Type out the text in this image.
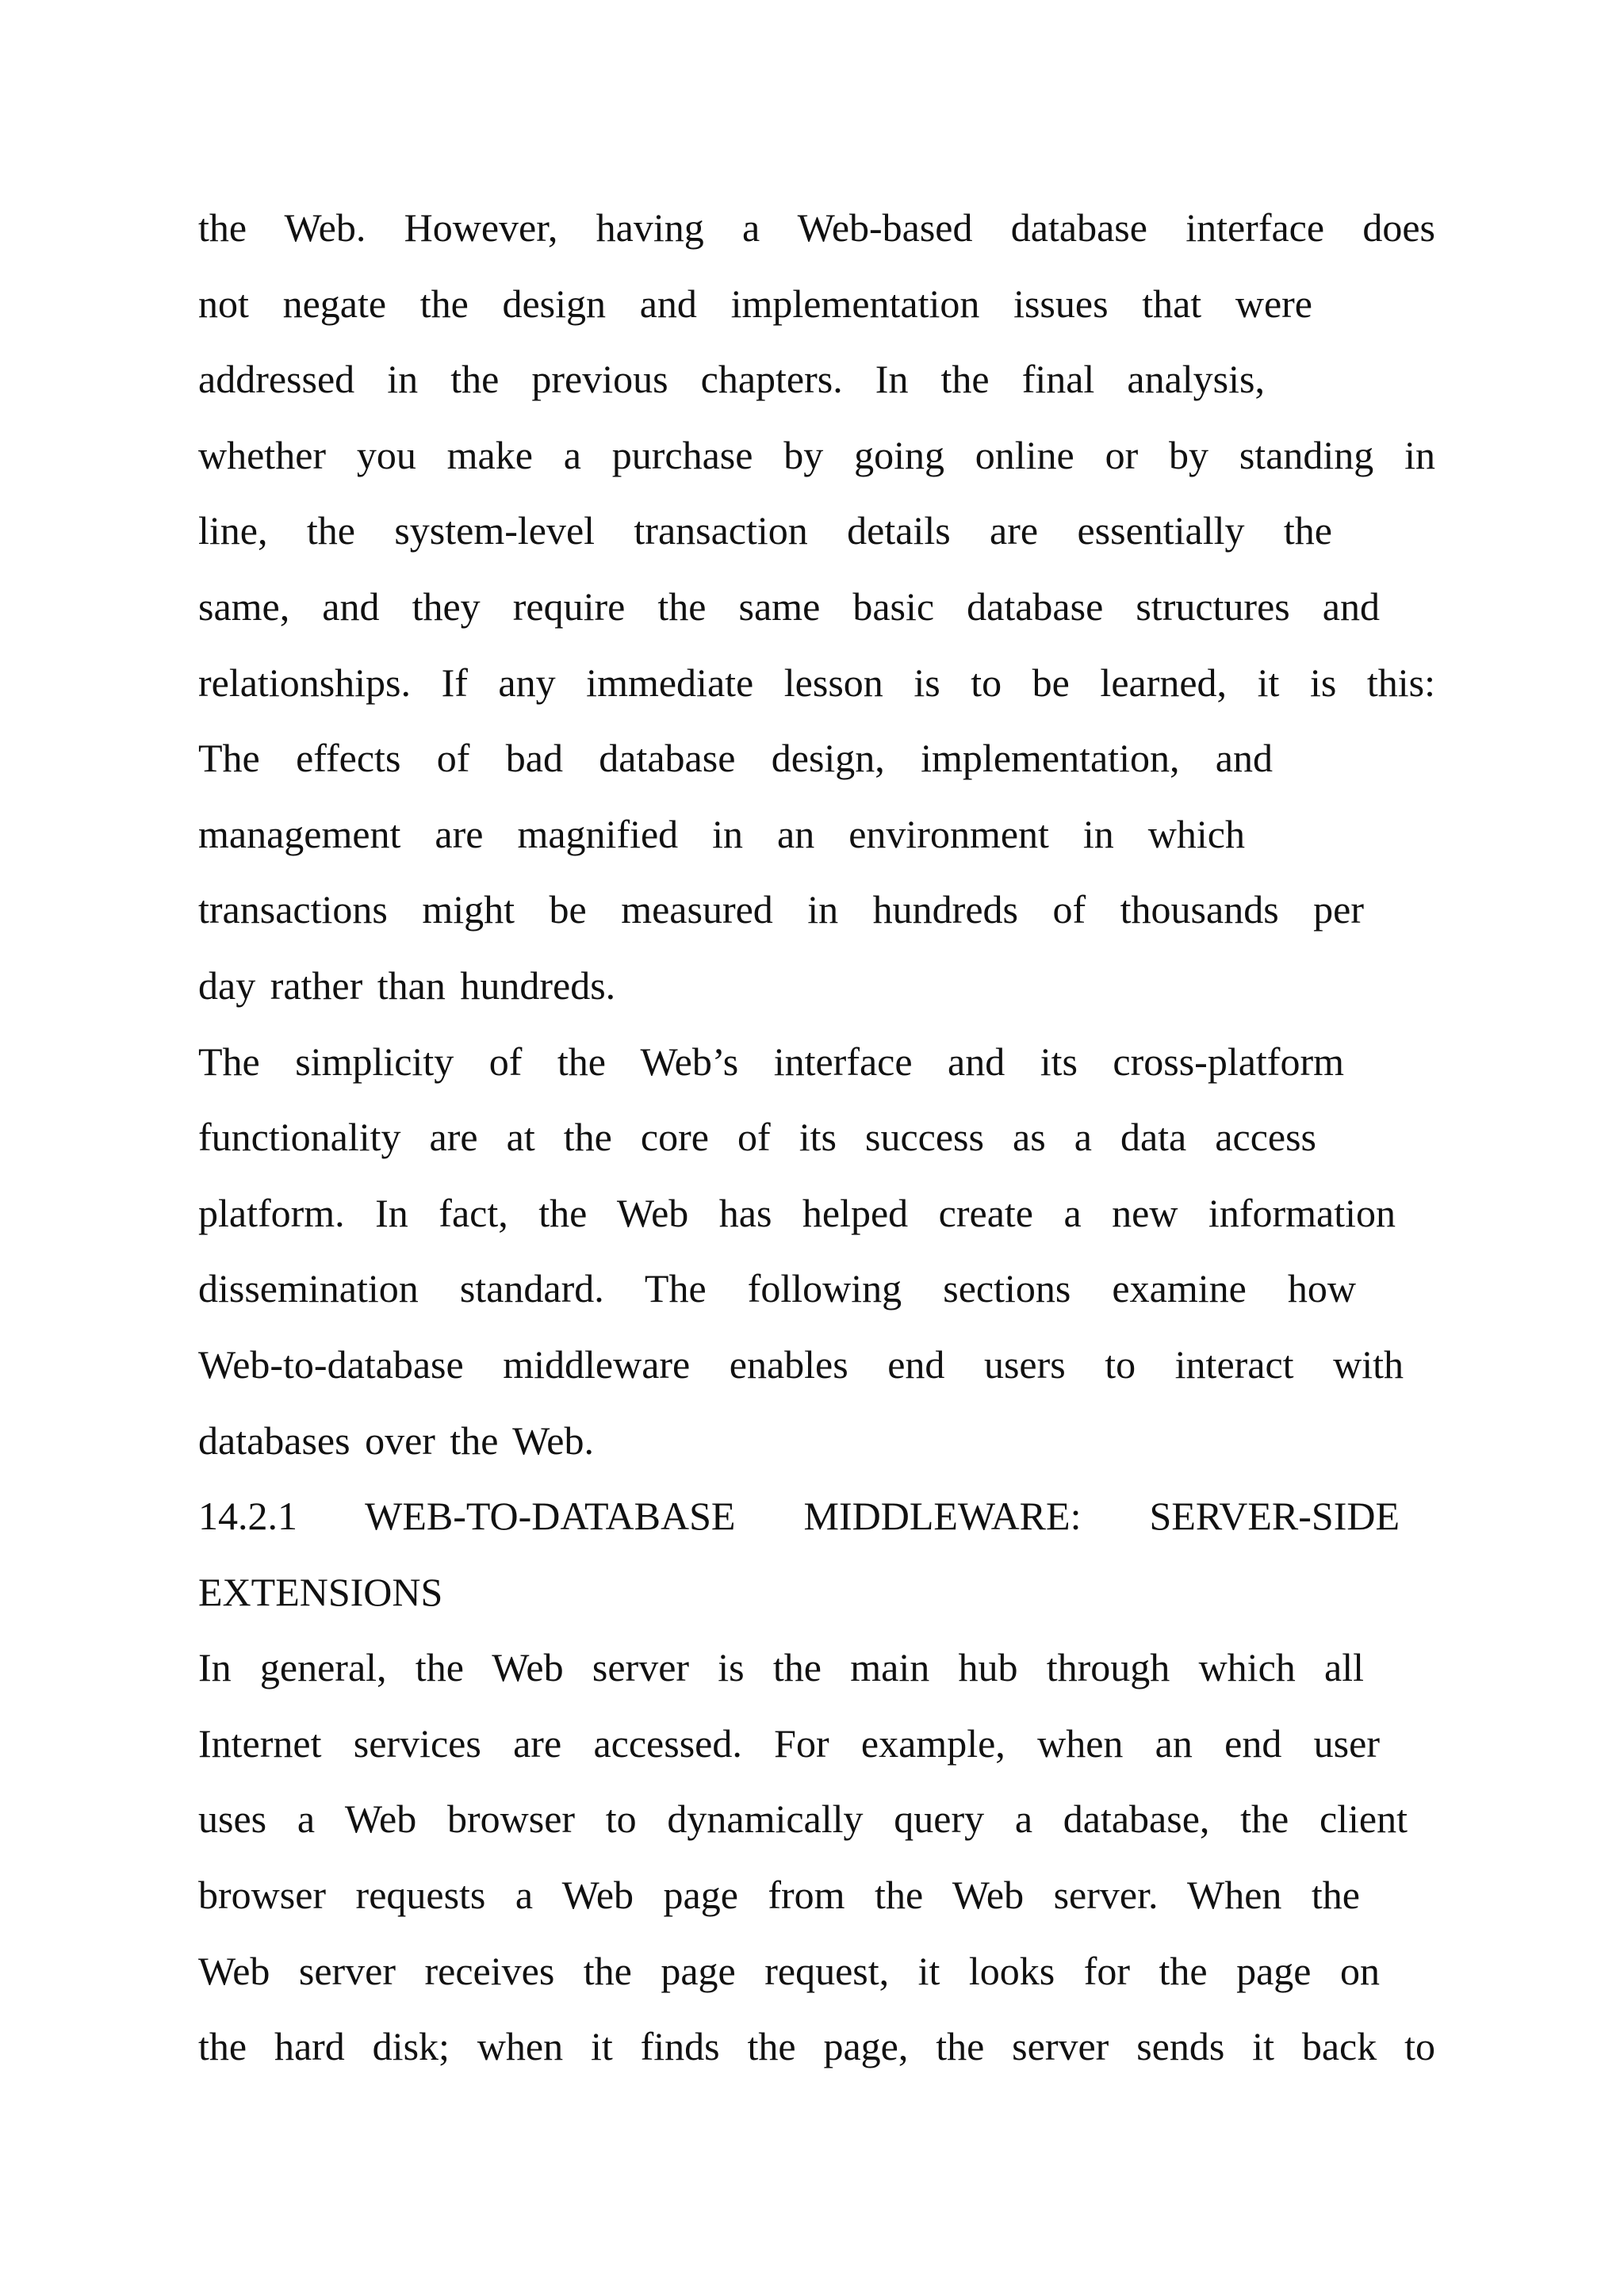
the Web. However, having a Web-based database interface does
not negate the design and implementation issues that were
addressed in the previous chapters. In the final analysis,
whether you make a purchase by going online or by standing in
line, the system-level transaction details are essentially the
same, and they require the same basic database structures and
relationships. If any immediate lesson is to be learned, it is this:
The effects of bad database design, implementation, and
management are magnified in an environment in which
transactions might be measured in hundreds of thousands per
day rather than hundreds.
The simplicity of the Web’s interface and its cross-platform
functionality are at the core of its success as a data access
platform. In fact, the Web has helped create a new information
dissemination standard. The following sections examine how
Web-to-database middleware enables end users to interact with
databases over the Web.
14.2.1 WEB-TO-DATABASE MIDDLEWARE: SERVER-SIDE
EXTENSIONS
In general, the Web server is the main hub through which all
Internet services are accessed. For example, when an end user
uses a Web browser to dynamically query a database, the client
browser requests a Web page from the Web server. When the
Web server receives the page request, it looks for the page on
the hard disk; when it finds the page, the server sends it back to
